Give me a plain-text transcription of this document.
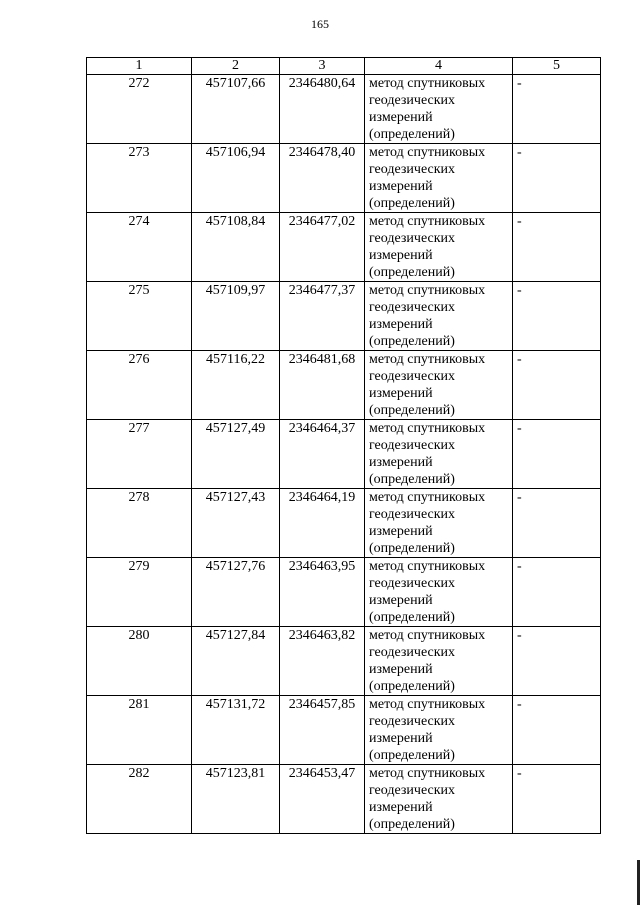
165
1	2	3	4	5
272	457107,66	2346480,64	метод спутниковых геодезических измерений (определений)	-
273	457106,94	2346478,40	метод спутниковых геодезических измерений (определений)	-
274	457108,84	2346477,02	метод спутниковых геодезических измерений (определений)	-
275	457109,97	2346477,37	метод спутниковых геодезических измерений (определений)	-
276	457116,22	2346481,68	метод спутниковых геодезических измерений (определений)	-
277	457127,49	2346464,37	метод спутниковых геодезических измерений (определений)	-
278	457127,43	2346464,19	метод спутниковых геодезических измерений (определений)	-
279	457127,76	2346463,95	метод спутниковых геодезических измерений (определений)	-
280	457127,84	2346463,82	метод спутниковых геодезических измерений (определений)	-
281	457131,72	2346457,85	метод спутниковых геодезических измерений (определений)	-
282	457123,81	2346453,47	метод спутниковых геодезических измерений (определений)	-
